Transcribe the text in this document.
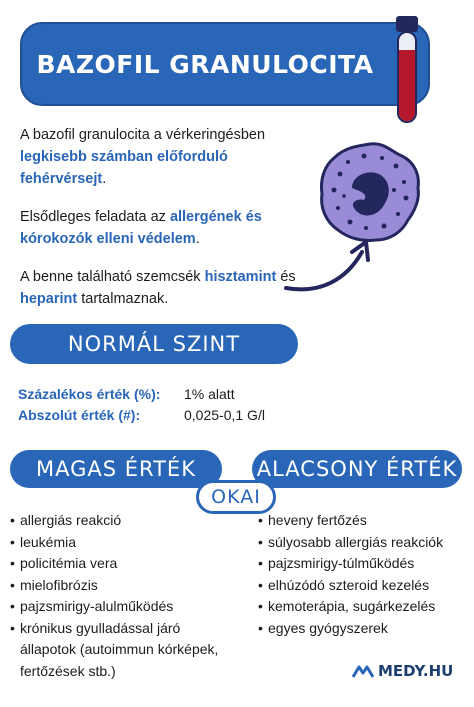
BAZOFIL GRANULOCITA

A bazofil granulocita a vérkeringésben legkisebb számban előforduló fehérvérsejt.

Elsődleges feladata az allergének és kórokozók elleni védelem.

A benne található szemcsék hisztamint és heparint tartalmaznak.

NORMÁL SZINT
Százalékos érték (%):	1% alatt
Abszolút érték (#):	0,025-0,1 G/l
MAGAS ÉRTÉK	ALACSONY ÉRTÉK
OKAI
• allergiás reakció
• leukémia
• policitémia vera
• mielofibrózis
• pajzsmirigy-alulműködés
• krónikus gyulladással járó állapotok (autoimmun kórképek, fertőzések stb.)
• heveny fertőzés
• súlyosabb allergiás reakciók
• pajzsmirigy-túlműködés
• elhúzódó szteroid kezelés
• kemoterápia, sugárkezelés
• egyes gyógyszerek
MEDY.HU
